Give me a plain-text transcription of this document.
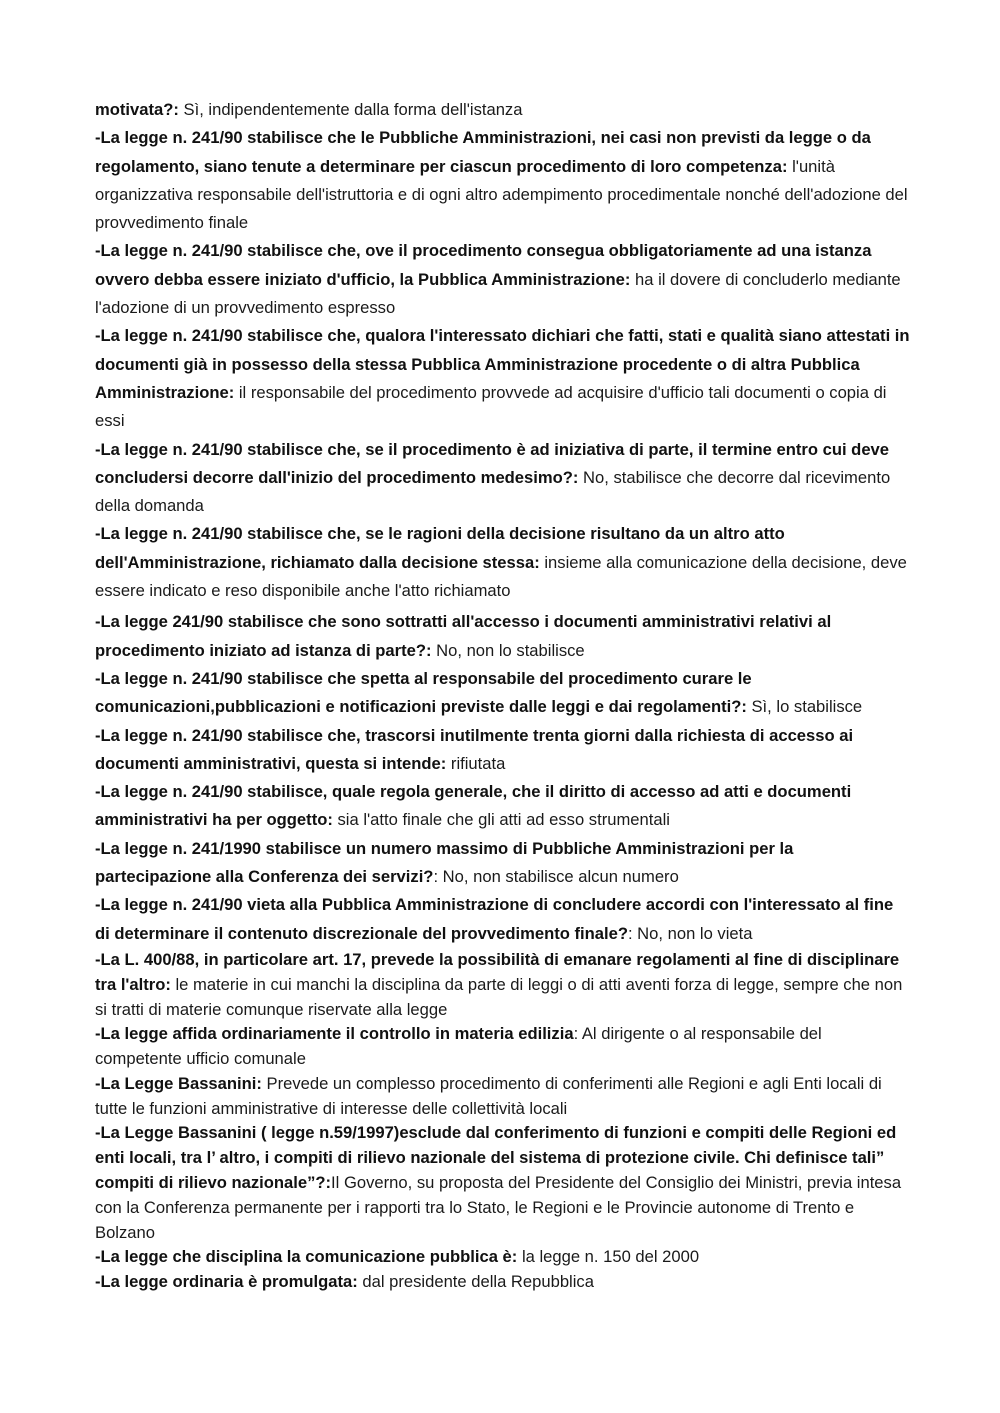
motivata?: Sì, indipendentemente dalla forma dell'istanza

-La legge n. 241/90 stabilisce che le Pubbliche Amministrazioni, nei casi non previsti da legge o da regolamento, siano tenute a determinare per ciascun procedimento di loro competenza: l'unità organizzativa responsabile dell'istruttoria e di ogni altro adempimento procedimentale nonché dell'adozione del provvedimento finale

-La legge n. 241/90 stabilisce che, ove il procedimento consegua obbligatoriamente ad una istanza ovvero debba essere iniziato d'ufficio, la Pubblica Amministrazione: ha il dovere di concluderlo mediante l'adozione di un provvedimento espresso

-La legge n. 241/90 stabilisce che, qualora l'interessato dichiari che fatti, stati e qualità siano attestati in documenti già in possesso della stessa Pubblica Amministrazione procedente o di altra Pubblica Amministrazione: il responsabile del procedimento provvede ad acquisire d'ufficio tali documenti o copia di essi

-La legge n. 241/90 stabilisce che, se il procedimento è ad iniziativa di parte, il termine entro cui deve concludersi decorre dall'inizio del procedimento medesimo?: No, stabilisce che decorre dal ricevimento della domanda

-La legge n. 241/90 stabilisce che, se le ragioni della decisione risultano da un altro atto dell'Amministrazione, richiamato dalla decisione stessa: insieme alla comunicazione della decisione, deve essere indicato e reso disponibile anche l'atto richiamato

-La legge 241/90 stabilisce che sono sottratti all'accesso i documenti amministrativi relativi al procedimento iniziato ad istanza di parte?: No, non lo stabilisce

-La legge n. 241/90 stabilisce che spetta al responsabile del procedimento curare le comunicazioni,pubblicazioni e notificazioni previste dalle leggi e dai regolamenti?: Sì, lo stabilisce

-La legge n. 241/90 stabilisce che, trascorsi inutilmente trenta giorni dalla richiesta di accesso ai documenti amministrativi, questa si intende: rifiutata

-La legge n. 241/90 stabilisce, quale regola generale, che il diritto di accesso ad atti e documenti amministrativi ha per oggetto: sia l'atto finale che gli atti ad esso strumentali

-La legge n. 241/1990 stabilisce un numero massimo di Pubbliche Amministrazioni per la partecipazione alla Conferenza dei servizi?: No, non stabilisce alcun numero

-La legge n. 241/90 vieta alla Pubblica Amministrazione di concludere accordi con l'interessato al fine di determinare il contenuto discrezionale del provvedimento finale?: No, non lo vieta

-La L. 400/88, in particolare art. 17, prevede la possibilità di emanare regolamenti al fine di disciplinare tra l'altro: le materie in cui manchi la disciplina da parte di leggi o di atti aventi forza di legge, sempre che non si tratti di materie comunque riservate alla legge

-La legge affida ordinariamente il controllo in materia edilizia: Al dirigente o al responsabile del competente ufficio comunale

-La Legge Bassanini: Prevede un complesso procedimento di conferimenti alle Regioni e agli Enti locali di tutte le funzioni amministrative di interesse delle collettività locali

-La Legge Bassanini ( legge n.59/1997)esclude dal conferimento di funzioni e compiti delle Regioni ed enti locali, tra l’ altro, i compiti di rilievo nazionale del sistema di protezione civile. Chi definisce tali” compiti di rilievo nazionale”?:Il Governo, su proposta del Presidente del Consiglio dei Ministri, previa intesa con la Conferenza permanente per i rapporti tra lo Stato, le Regioni e le Provincie autonome di Trento e Bolzano

-La legge che disciplina la comunicazione pubblica è: la legge n. 150 del 2000

-La legge ordinaria è promulgata: dal presidente della Repubblica
